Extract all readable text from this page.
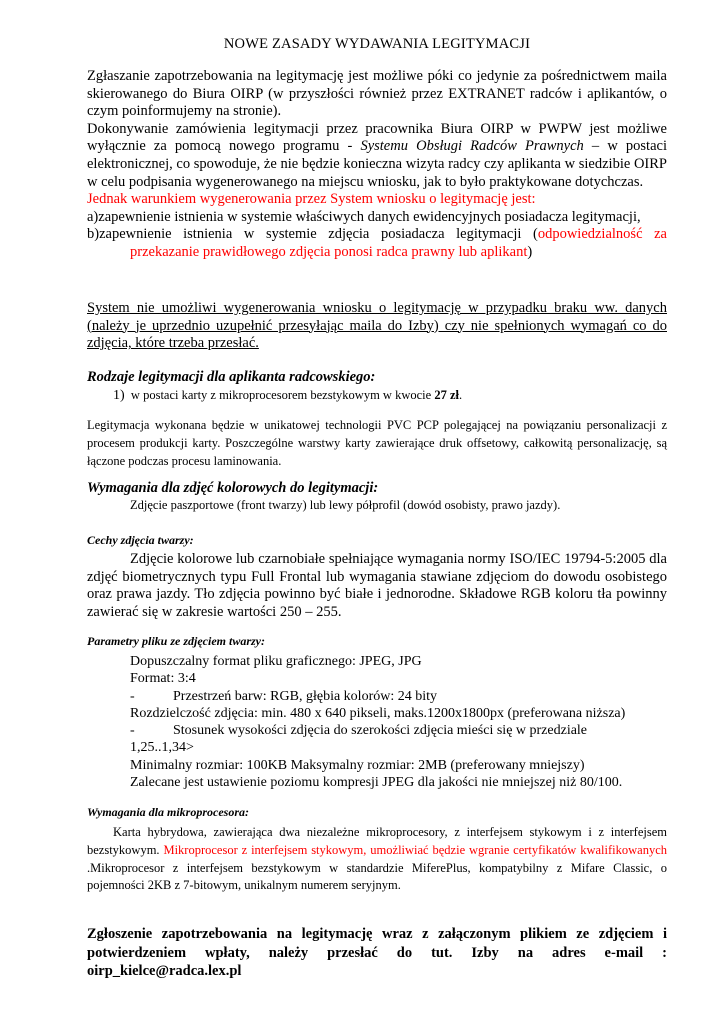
NOWE ZASADY WYDAWANIA LEGITYMACJI

Zgłaszanie zapotrzebowania na legitymację jest możliwe póki co jedynie za pośrednictwem maila skierowanego do Biura OIRP (w przyszłości również przez EXTRANET radców i aplikantów, o czym poinformujemy na stronie).

Dokonywanie zamówienia legitymacji przez pracownika Biura OIRP w PWPW jest możliwe wyłącznie za pomocą nowego programu - Systemu Obsługi Radców Prawnych – w postaci elektronicznej, co spowoduje, że nie będzie konieczna wizyta radcy czy aplikanta w siedzibie OIRP w celu podpisania wygenerowanego na miejscu wniosku, jak to było praktykowane dotychczas.

Jednak warunkiem wygenerowania przez System wniosku o legitymację jest:

a)zapewnienie istnienia w systemie właściwych danych ewidencyjnych posiadacza legitymacji,

b)zapewnienie istnienia w systemie zdjęcia posiadacza legitymacji (odpowiedzialność za przekazanie prawidłowego zdjęcia ponosi radca prawny lub aplikant)

System nie umożliwi wygenerowania wniosku o legitymację w przypadku braku ww. danych (należy je uprzednio uzupełnić przesyłając maila do Izby) czy nie spełnionych wymagań co do zdjęcia, które trzeba przesłać.

Rodzaje legitymacji dla aplikanta radcowskiego:

1) w postaci karty z mikroprocesorem bezstykowym w kwocie 27 zł.

Legitymacja wykonana będzie w unikatowej technologii PVC PCP polegającej na powiązaniu personalizacji z procesem produkcji karty. Poszczególne warstwy karty zawierające druk offsetowy, całkowitą personalizację, są łączone podczas procesu laminowania.

Wymagania dla zdjęć kolorowych do legitymacji:

Zdjęcie paszportowe (front twarzy) lub lewy półprofil (dowód osobisty, prawo jazdy).

Cechy zdjęcia twarzy:

Zdjęcie kolorowe lub czarnobiałe spełniające wymagania normy ISO/IEC 19794-5:2005 dla zdjęć biometrycznych typu Full Frontal lub wymagania stawiane zdjęciom do dowodu osobistego oraz prawa jazdy. Tło zdjęcia powinno być białe i jednorodne. Składowe RGB koloru tła powinny zawierać się w zakresie wartości 250 – 255.

Parametry pliku ze zdjęciem twarzy:

Dopuszczalny format pliku graficznego: JPEG, JPG

Format: 3:4

-	Przestrzeń barw: RGB, głębia kolorów: 24 bity

Rozdzielczość zdjęcia: min. 480 x 640 pikseli, maks.1200x1800px (preferowana niższa)

-	Stosunek wysokości zdjęcia do szerokości zdjęcia mieści się w przedziale

1,25..1,34>

Minimalny rozmiar: 100KB Maksymalny rozmiar: 2MB (preferowany mniejszy)

Zalecane jest ustawienie poziomu kompresji JPEG dla jakości nie mniejszej niż 80/100.

Wymagania dla mikroprocesora:

Karta hybrydowa, zawierająca dwa niezależne mikroprocesory, z interfejsem stykowym i z interfejsem bezstykowym. Mikroprocesor z interfejsem stykowym, umożliwiać będzie wgranie certyfikatów kwalifikowanych .Mikroprocesor z interfejsem bezstykowym w standardzie MiferePlus, kompatybilny z Mifare Classic, o pojemności 2KB z 7-bitowym, unikalnym numerem seryjnym.

Zgłoszenie zapotrzebowania na legitymację wraz z załączonym plikiem ze zdjęciem i potwierdzeniem wpłaty, należy przesłać do tut. Izby na adres e-mail : oirp_kielce@radca.lex.pl
